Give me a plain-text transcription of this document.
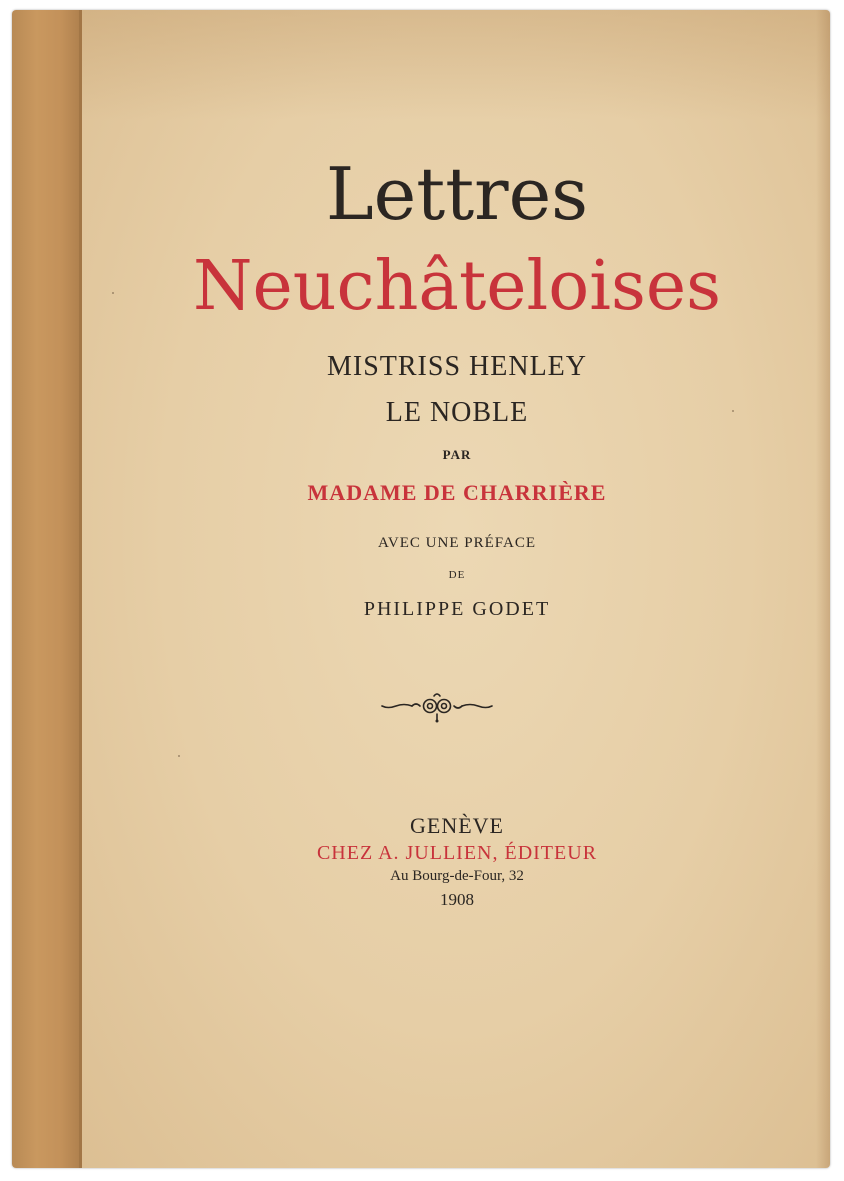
Lettres
Neuchâteloises
MISTRISS HENLEY
LE NOBLE
PAR
MADAME DE CHARRIÈRE
AVEC UNE PRÉFACE
DE
PHILIPPE GODET
GENÈVE
CHEZ A. JULLIEN, ÉDITEUR
Au Bourg-de-Four, 32
1908
